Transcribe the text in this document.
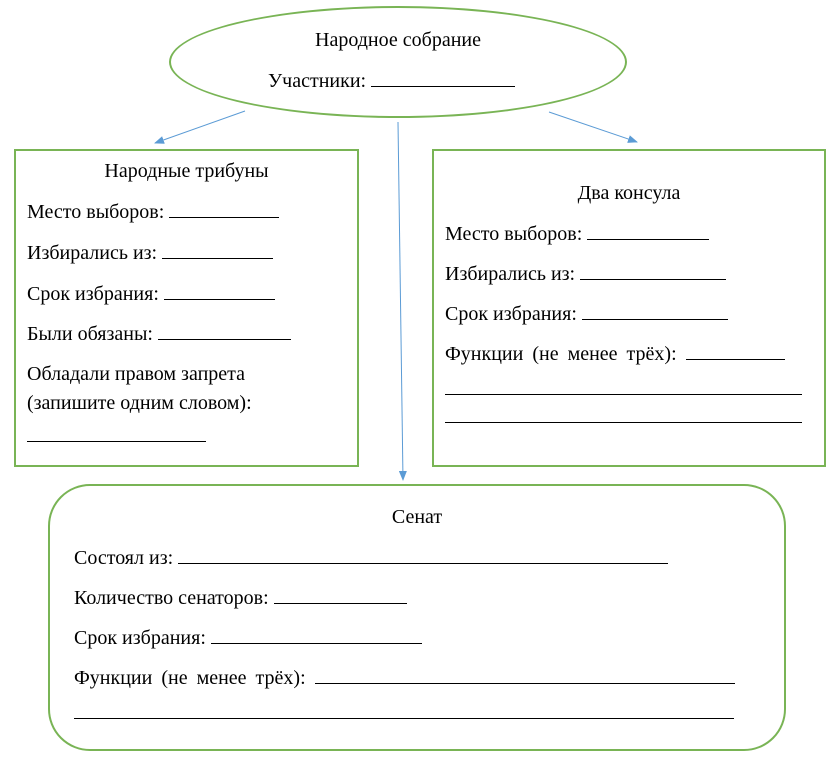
Народное собрание
Участники:
Народные трибуны
Место выборов:
Избирались из:
Срок избрания:
Были обязаны:
Обладали правом запрета
(запишите одним словом):
Два консула
Место выборов:
Избирались из:
Срок избрания:
Функции (не менее трёх):
Сенат
Состоял из:
Количество сенаторов:
Срок избрания:
Функции (не менее трёх):
